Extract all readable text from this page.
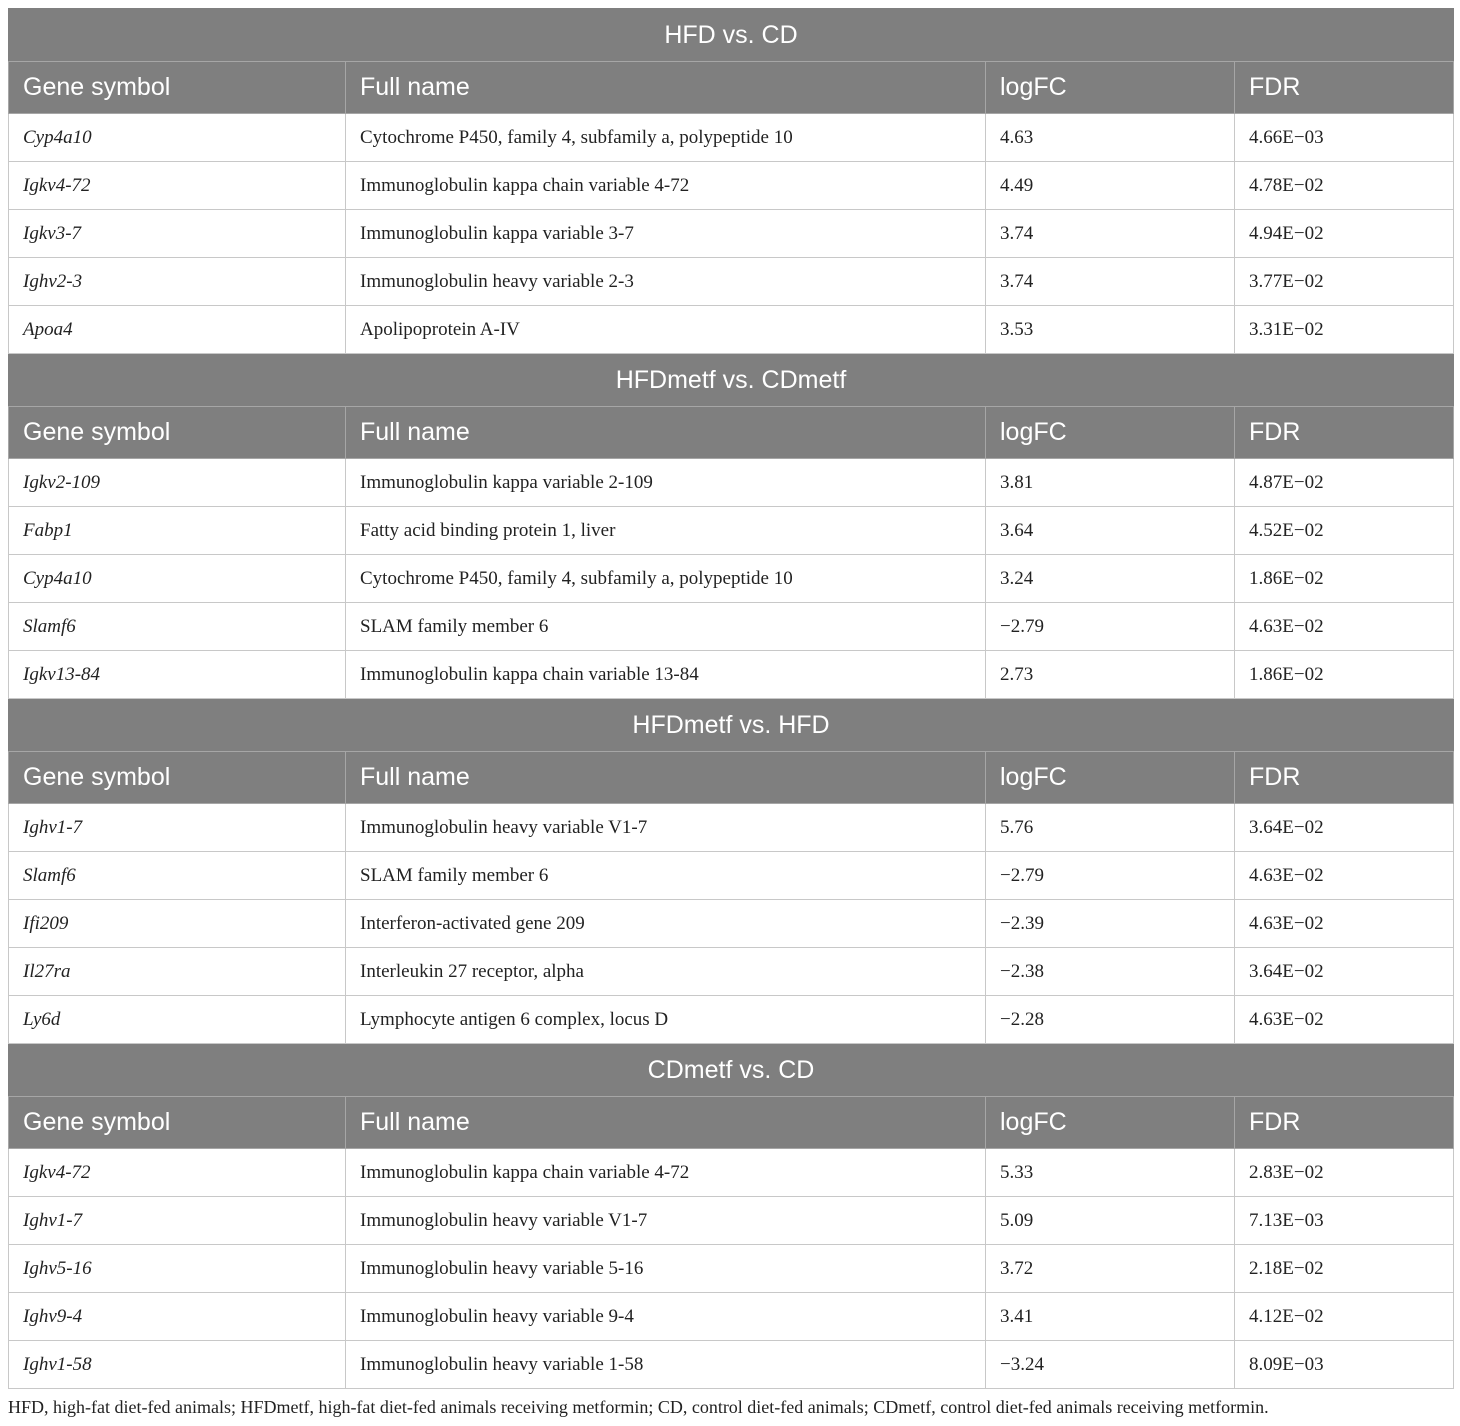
HFD vs. CD			
Gene symbol	Full name	logFC	FDR
Cyp4a10	Cytochrome P450, family 4, subfamily a, polypeptide 10	4.63	4.66E−03
Igkv4-72	Immunoglobulin kappa chain variable 4-72	4.49	4.78E−02
Igkv3-7	Immunoglobulin kappa variable 3-7	3.74	4.94E−02
Ighv2-3	Immunoglobulin heavy variable 2-3	3.74	3.77E−02
Apoa4	Apolipoprotein A-IV	3.53	3.31E−02
HFDmetf vs. CDmetf			
Gene symbol	Full name	logFC	FDR
Igkv2-109	Immunoglobulin kappa variable 2-109	3.81	4.87E−02
Fabp1	Fatty acid binding protein 1, liver	3.64	4.52E−02
Cyp4a10	Cytochrome P450, family 4, subfamily a, polypeptide 10	3.24	1.86E−02
Slamf6	SLAM family member 6	−2.79	4.63E−02
Igkv13-84	Immunoglobulin kappa chain variable 13-84	2.73	1.86E−02
HFDmetf vs. HFD			
Gene symbol	Full name	logFC	FDR
Ighv1-7	Immunoglobulin heavy variable V1-7	5.76	3.64E−02
Slamf6	SLAM family member 6	−2.79	4.63E−02
Ifi209	Interferon-activated gene 209	−2.39	4.63E−02
Il27ra	Interleukin 27 receptor, alpha	−2.38	3.64E−02
Ly6d	Lymphocyte antigen 6 complex, locus D	−2.28	4.63E−02
CDmetf vs. CD			
Gene symbol	Full name	logFC	FDR
Igkv4-72	Immunoglobulin kappa chain variable 4-72	5.33	2.83E−02
Ighv1-7	Immunoglobulin heavy variable V1-7	5.09	7.13E−03
Ighv5-16	Immunoglobulin heavy variable 5-16	3.72	2.18E−02
Ighv9-4	Immunoglobulin heavy variable 9-4	3.41	4.12E−02
Ighv1-58	Immunoglobulin heavy variable 1-58	−3.24	8.09E−03
HFD, high-fat diet-fed animals; HFDmetf, high-fat diet-fed animals receiving metformin; CD, control diet-fed animals; CDmetf, control diet-fed animals receiving metformin.
